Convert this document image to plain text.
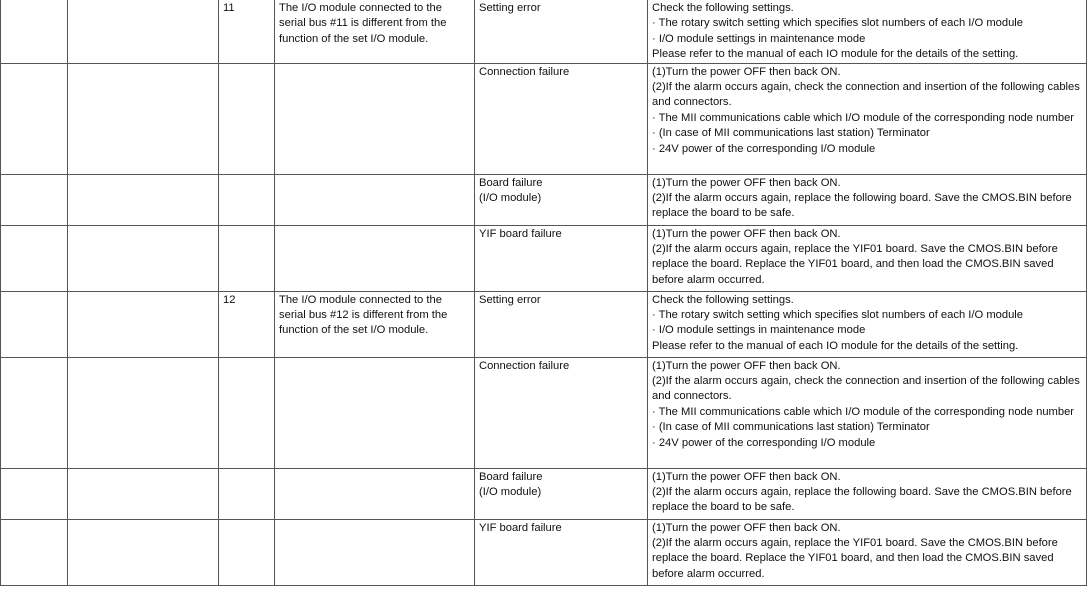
		11	The I/O module connected to the serial bus #11 is different from the function of the set I/O module.	Setting error	Check the following settings.
· The rotary switch setting which specifies slot numbers of each I/O module
· I/O module settings in maintenance mode
Please refer to the manual of each IO module for the details of the setting.

				Connection failure	(1)Turn the power OFF then back ON.
(2)If the alarm occurs again, check the connection and insertion of the following cables and connectors.
· The MII communications cable which I/O module of the corresponding node number
· (In case of MII communications last station) Terminator
· 24V power of the corresponding I/O module

				Board failure
(I/O module)	(1)Turn the power OFF then back ON.
(2)If the alarm occurs again, replace the following board. Save the CMOS.BIN before replace the board to be safe.

				YIF board failure	(1)Turn the power OFF then back ON.
(2)If the alarm occurs again, replace the YIF01 board. Save the CMOS.BIN before replace the board. Replace the YIF01 board, and then load the CMOS.BIN saved before alarm occurred.

		12	The I/O module connected to the serial bus #12 is different from the function of the set I/O module.	Setting error	Check the following settings.
· The rotary switch setting which specifies slot numbers of each I/O module
· I/O module settings in maintenance mode
Please refer to the manual of each IO module for the details of the setting.

				Connection failure	(1)Turn the power OFF then back ON.
(2)If the alarm occurs again, check the connection and insertion of the following cables and connectors.
· The MII communications cable which I/O module of the corresponding node number
· (In case of MII communications last station) Terminator
· 24V power of the corresponding I/O module

				Board failure
(I/O module)	(1)Turn the power OFF then back ON.
(2)If the alarm occurs again, replace the following board. Save the CMOS.BIN before replace the board to be safe.

				YIF board failure	(1)Turn the power OFF then back ON.
(2)If the alarm occurs again, replace the YIF01 board. Save the CMOS.BIN before replace the board. Replace the YIF01 board, and then load the CMOS.BIN saved before alarm occurred.
